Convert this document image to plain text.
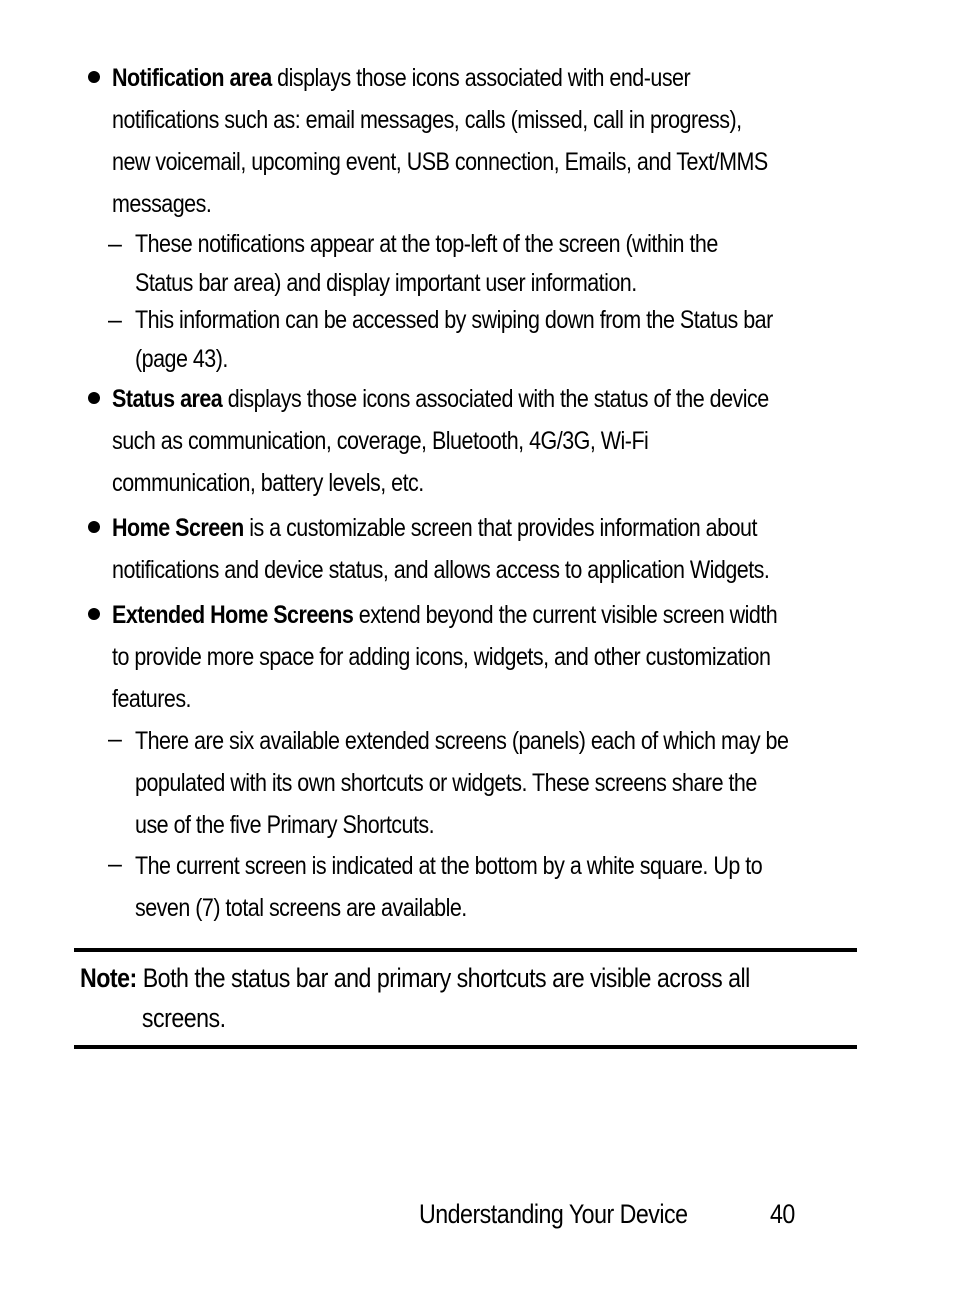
Notification area displays those icons associated with end-user
notifications such as: email messages, calls (missed, call in progress),
new voicemail, upcoming event, USB connection, Emails, and Text/MMS
messages.
– These notifications appear at the top-left of the screen (within the
Status bar area) and display important user information.
– This information can be accessed by swiping down from the Status bar
(page 43).
Status area displays those icons associated with the status of the device
such as communication, coverage, Bluetooth, 4G/3G, Wi-Fi
communication, battery levels, etc.
Home Screen is a customizable screen that provides information about
notifications and device status, and allows access to application Widgets.
Extended Home Screens extend beyond the current visible screen width
to provide more space for adding icons, widgets, and other customization
features.
– There are six available extended screens (panels) each of which may be
populated with its own shortcuts or widgets. These screens share the
use of the five Primary Shortcuts.
– The current screen is indicated at the bottom by a white square. Up to
seven (7) total screens are available.
Note: Both the status bar and primary shortcuts are visible across all
screens.
Understanding Your Device	40
